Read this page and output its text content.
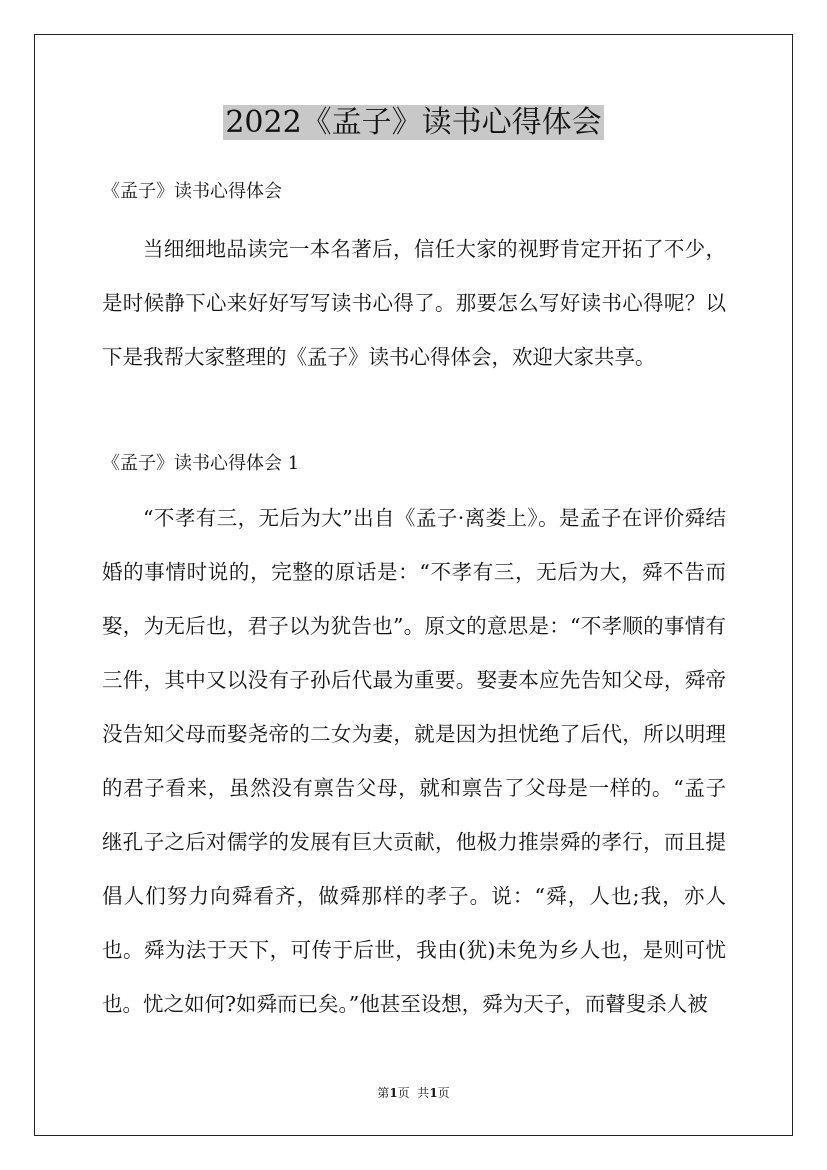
2022《孟子》读书心得体会
《孟子》读书心得体会

当细细地品读完一本名著后，信任大家的视野肯定开拓了不少，是时候静下心来好好写写读书心得了。那要怎么写好读书心得呢？以下是我帮大家整理的《孟子》读书心得体会，欢迎大家共享。

《孟子》读书心得体会 1

“不孝有三，无后为大”出自《孟子·离娄上》。是孟子在评价舜结婚的事情时说的，完整的原话是：“不孝有三，无后为大，舜不告而娶，为无后也，君子以为犹告也”。原文的意思是：“不孝顺的事情有三件，其中又以没有子孙后代最为重要。娶妻本应先告知父母，舜帝没告知父母而娶尧帝的二女为妻，就是因为担忧绝了后代，所以明理的君子看来，虽然没有禀告父母，就和禀告了父母是一样的。“孟子继孔子之后对儒学的发展有巨大贡献，他极力推崇舜的孝行，而且提倡人们努力向舜看齐，做舜那样的孝子。说：“舜，人也;我，亦人也。舜为法于天下，可传于后世，我由(犹)未免为乡人也，是则可忧也。忧之如何?如舜而已矣。”他甚至设想，舜为天子，而瞽叟杀人被

第1页  共1页
